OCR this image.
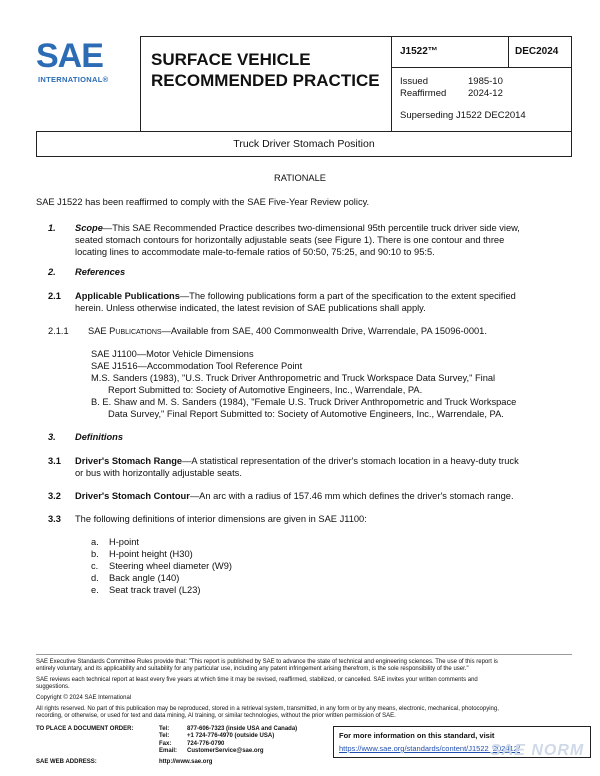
SAE
INTERNATIONAL®
SURFACE VEHICLE
RECOMMENDED PRACTICE
J1522™	DEC2024
Issued	1985-10
Reaffirmed 2024-12
Superseding J1522 DEC2014
Truck Driver Stomach Position
RATIONALE
SAE J1522 has been reaffirmed to comply with the SAE Five-Year Review policy.
1. Scope—This SAE Recommended Practice describes two-dimensional 95th percentile truck driver side view,
seated stomach contours for horizontally adjustable seats (see Figure 1). There is one contour and three
locating lines to accommodate male-to-female ratios of 50:50, 75:25, and 90:10 to 95:5.
2. References
2.1 Applicable Publications—The following publications form a part of the specification to the extent specified
herein. Unless otherwise indicated, the latest revision of SAE publications shall apply.
2.1.1 SAE Publications—Available from SAE, 400 Commonwealth Drive, Warrendale, PA 15096-0001.
SAE J1100—Motor Vehicle Dimensions
SAE J1516—Accommodation Tool Reference Point
M.S. Sanders (1983), "U.S. Truck Driver Anthropometric and Truck Workspace Data Survey," Final
Report Submitted to: Society of Automotive Engineers, Inc., Warrendale, PA.
B. E. Shaw and M. S. Sanders (1984), "Female U.S. Truck Driver Anthropometric and Truck Workspace
Data Survey," Final Report Submitted to: Society of Automotive Engineers, Inc., Warrendale, PA.
3. Definitions
3.1 Driver's Stomach Range—A statistical representation of the driver's stomach location in a heavy-duty truck
or bus with horizontally adjustable seats.
3.2 Driver's Stomach Contour—An arc with a radius of 157.46 mm which defines the driver's stomach range.
3.3 The following definitions of interior dimensions are given in SAE J1100:
a. H-point
b. H-point height (H30)
c. Steering wheel diameter (W9)
d. Back angle (140)
e. Seat track travel (L23)
SAE Executive Standards Committee Rules provide that: "This report is published by SAE to advance the state of technical and engineering sciences. The use of this report is
entirely voluntary, and its applicability and suitability for any particular use, including any patent infringement arising therefrom, is the sole responsibility of the user."
SAE reviews each technical report at least every five years at which time it may be revised, reaffirmed, stabilized, or cancelled. SAE invites your written comments and
suggestions.
Copyright © 2024 SAE International
All rights reserved. No part of this publication may be reproduced, stored in a retrieval system, transmitted, in any form or by any means, electronic, mechanical, photocopying,
recording, or otherwise, or used for text and data mining, AI training, or similar technologies, without the prior written permission of SAE.
TO PLACE A DOCUMENT ORDER:	Tel:	877-606-7323 (inside USA and Canada)
Tel:	+1 724-776-4970 (outside USA)
Fax:	724-776-0790
Email: CustomerService@sae.org
SAE WEB ADDRESS:	http://www.sae.org
For more information on this standard, visit
https://www.sae.org/standards/content/J1522_202412/
SAE NORM
